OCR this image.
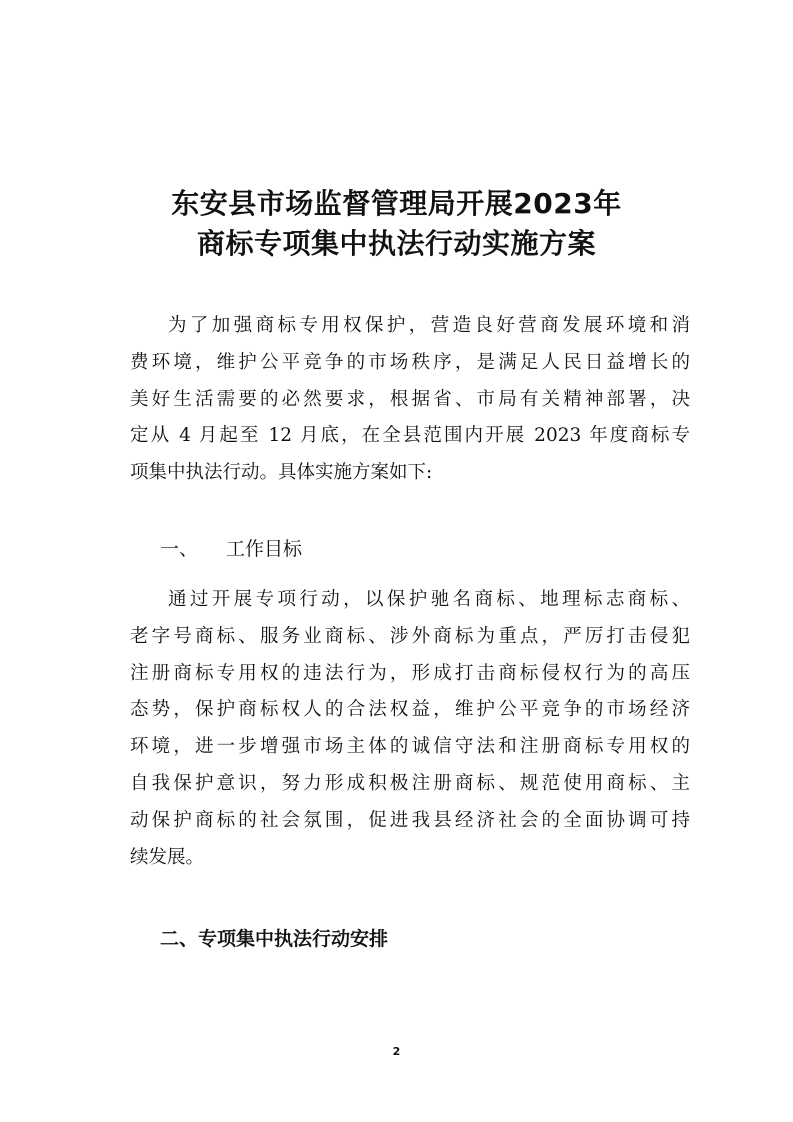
东安县市场监督管理局开展2023年
商标专项集中执法行动实施方案

为了加强商标专用权保护，营造良好营商发展环境和消
费环境，维护公平竞争的市场秩序，是满足人民日益增长的
美好生活需要的必然要求，根据省、市局有关精神部署，决
定从 4 月起至 12 月底，在全县范围内开展 2023 年度商标专
项集中执法行动。具体实施方案如下:

一、 工作目标

通过开展专项行动，以保护驰名商标、地理标志商标、
老字号商标、服务业商标、涉外商标为重点，严厉打击侵犯
注册商标专用权的违法行为，形成打击商标侵权行为的高压
态势，保护商标权人的合法权益，维护公平竞争的市场经济
环境，进一步增强市场主体的诚信守法和注册商标专用权的
自我保护意识，努力形成积极注册商标、规范使用商标、主
动保护商标的社会氛围，促进我县经济社会的全面协调可持
续发展。

二、专项集中执法行动安排
2
